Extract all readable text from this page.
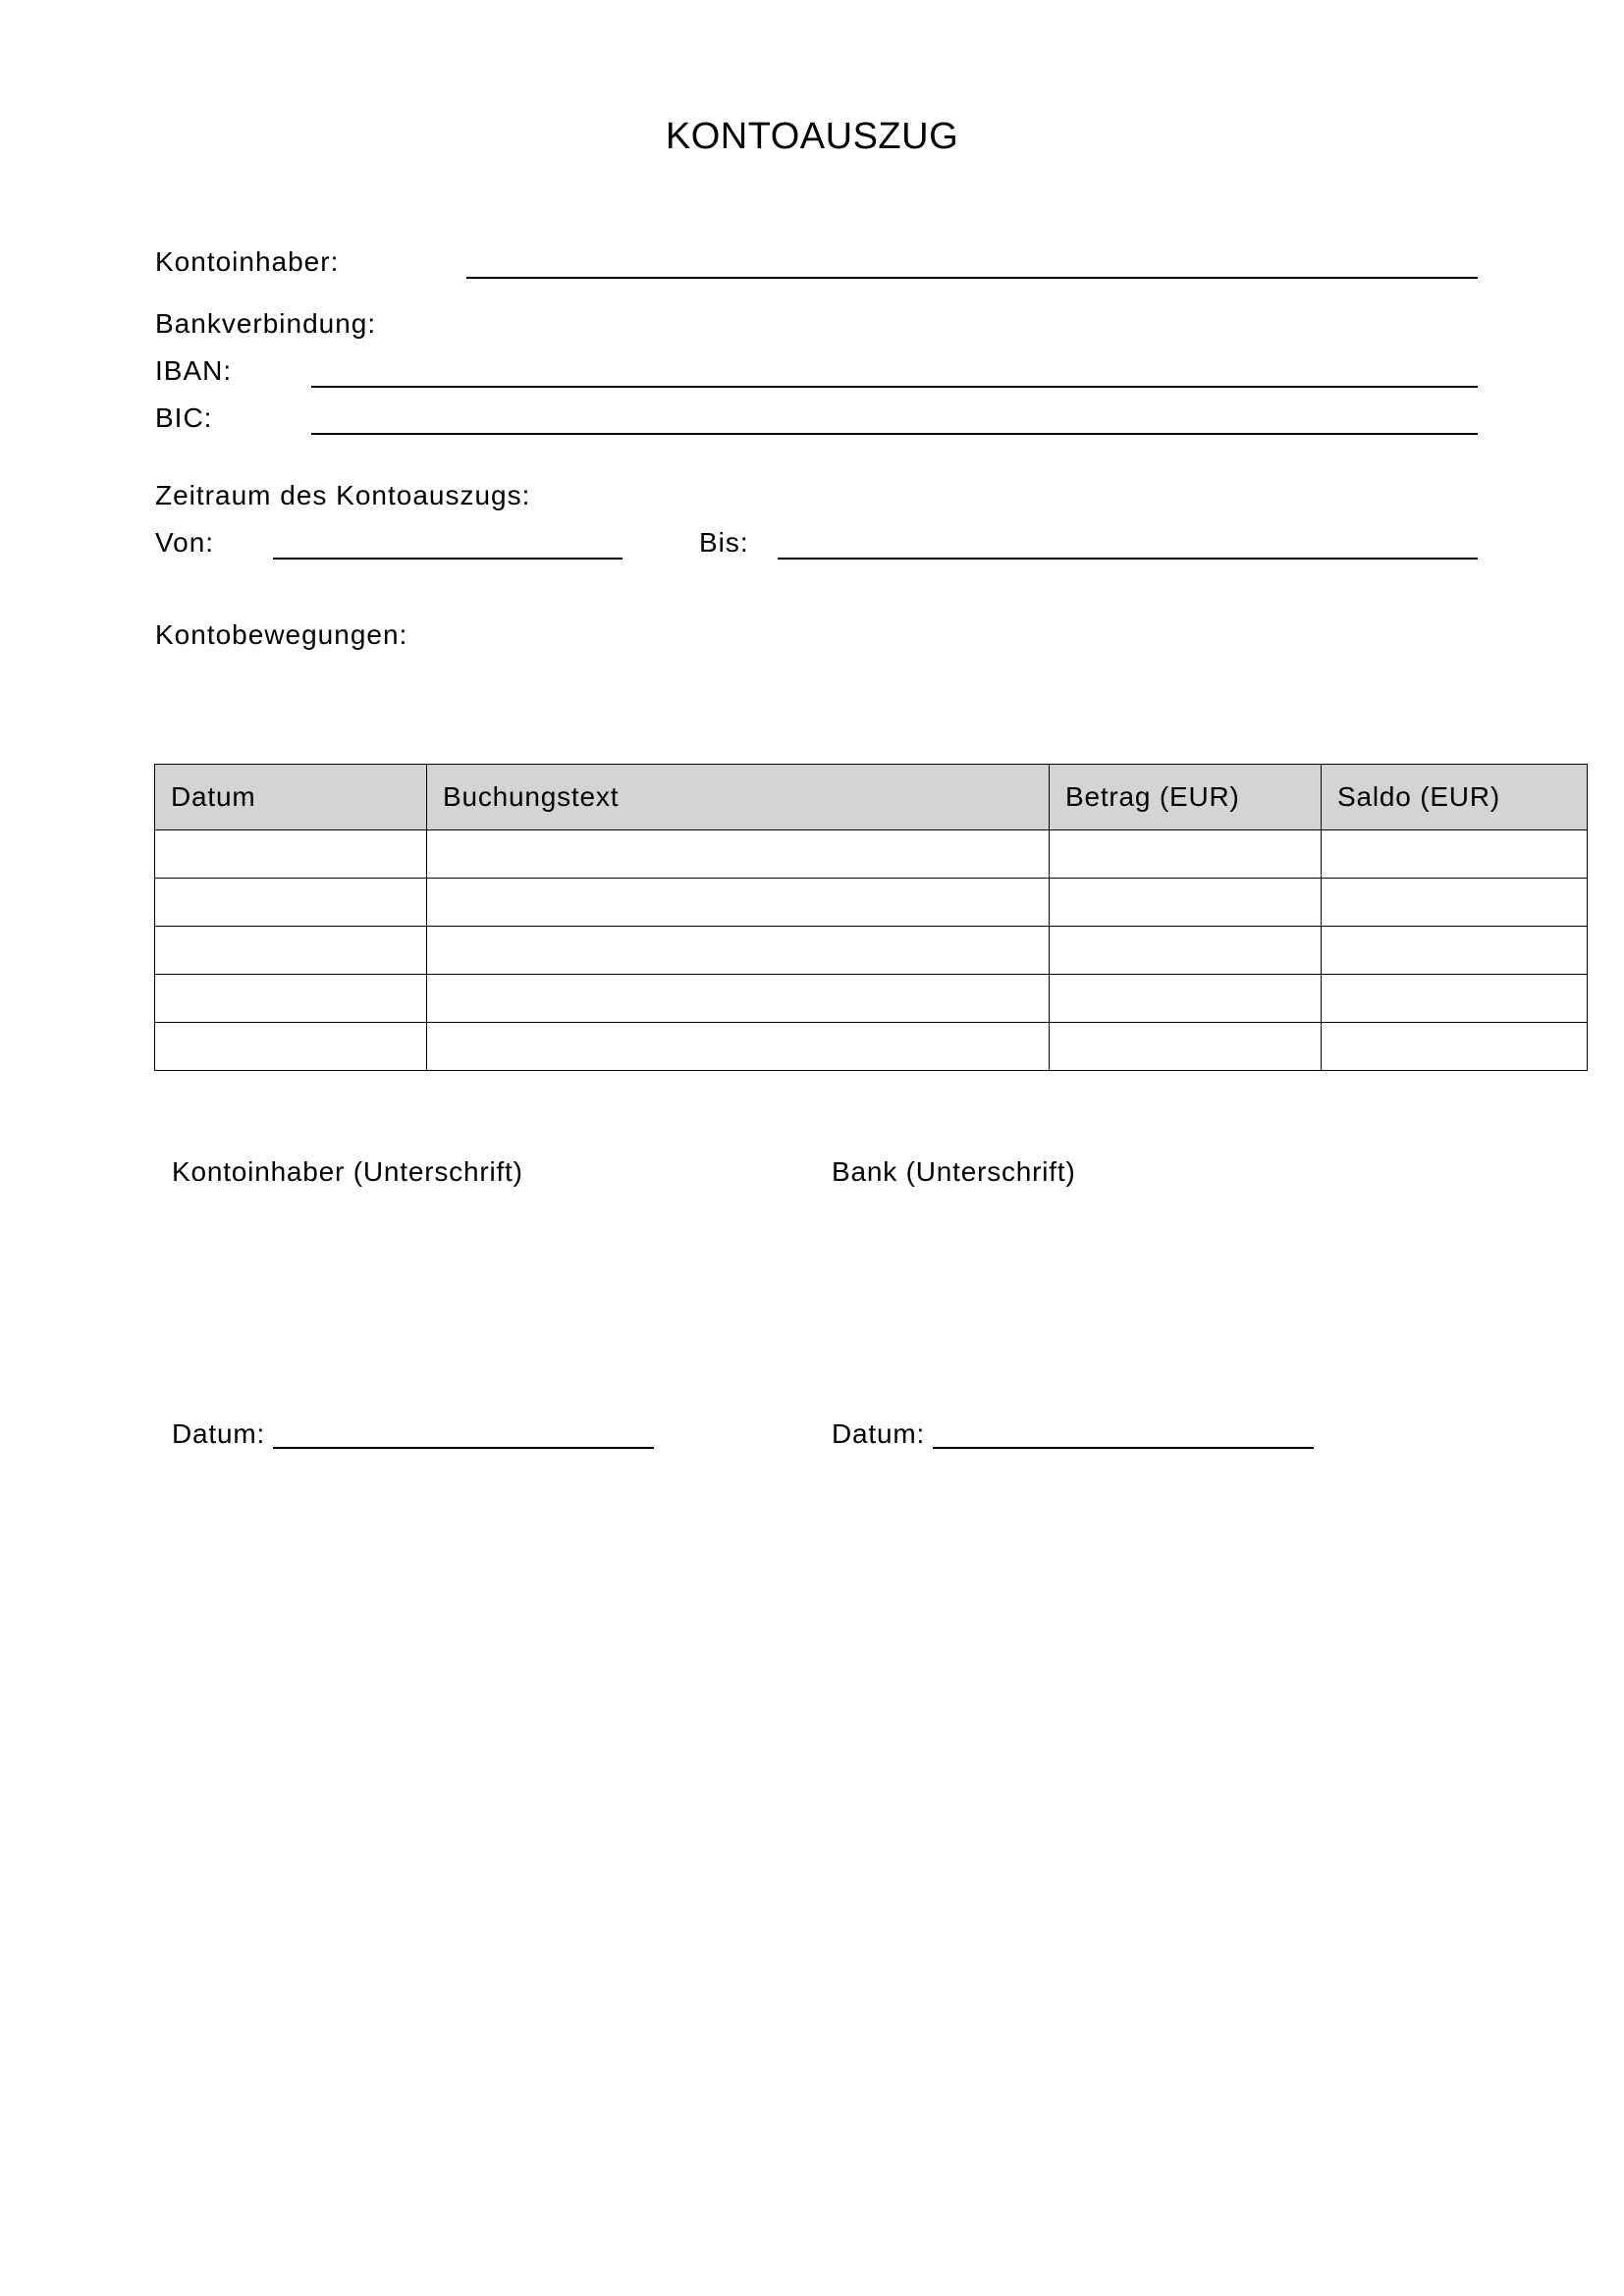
KONTOAUSZUG
Kontoinhaber:
Bankverbindung:
IBAN:
BIC:
Zeitraum des Kontoauszugs:
Von:	Bis:
Kontobewegungen:
Datum	Buchungstext	Betrag (EUR)	Saldo (EUR)

Kontoinhaber (Unterschrift)	Bank (Unterschrift)
Datum:	Datum:
